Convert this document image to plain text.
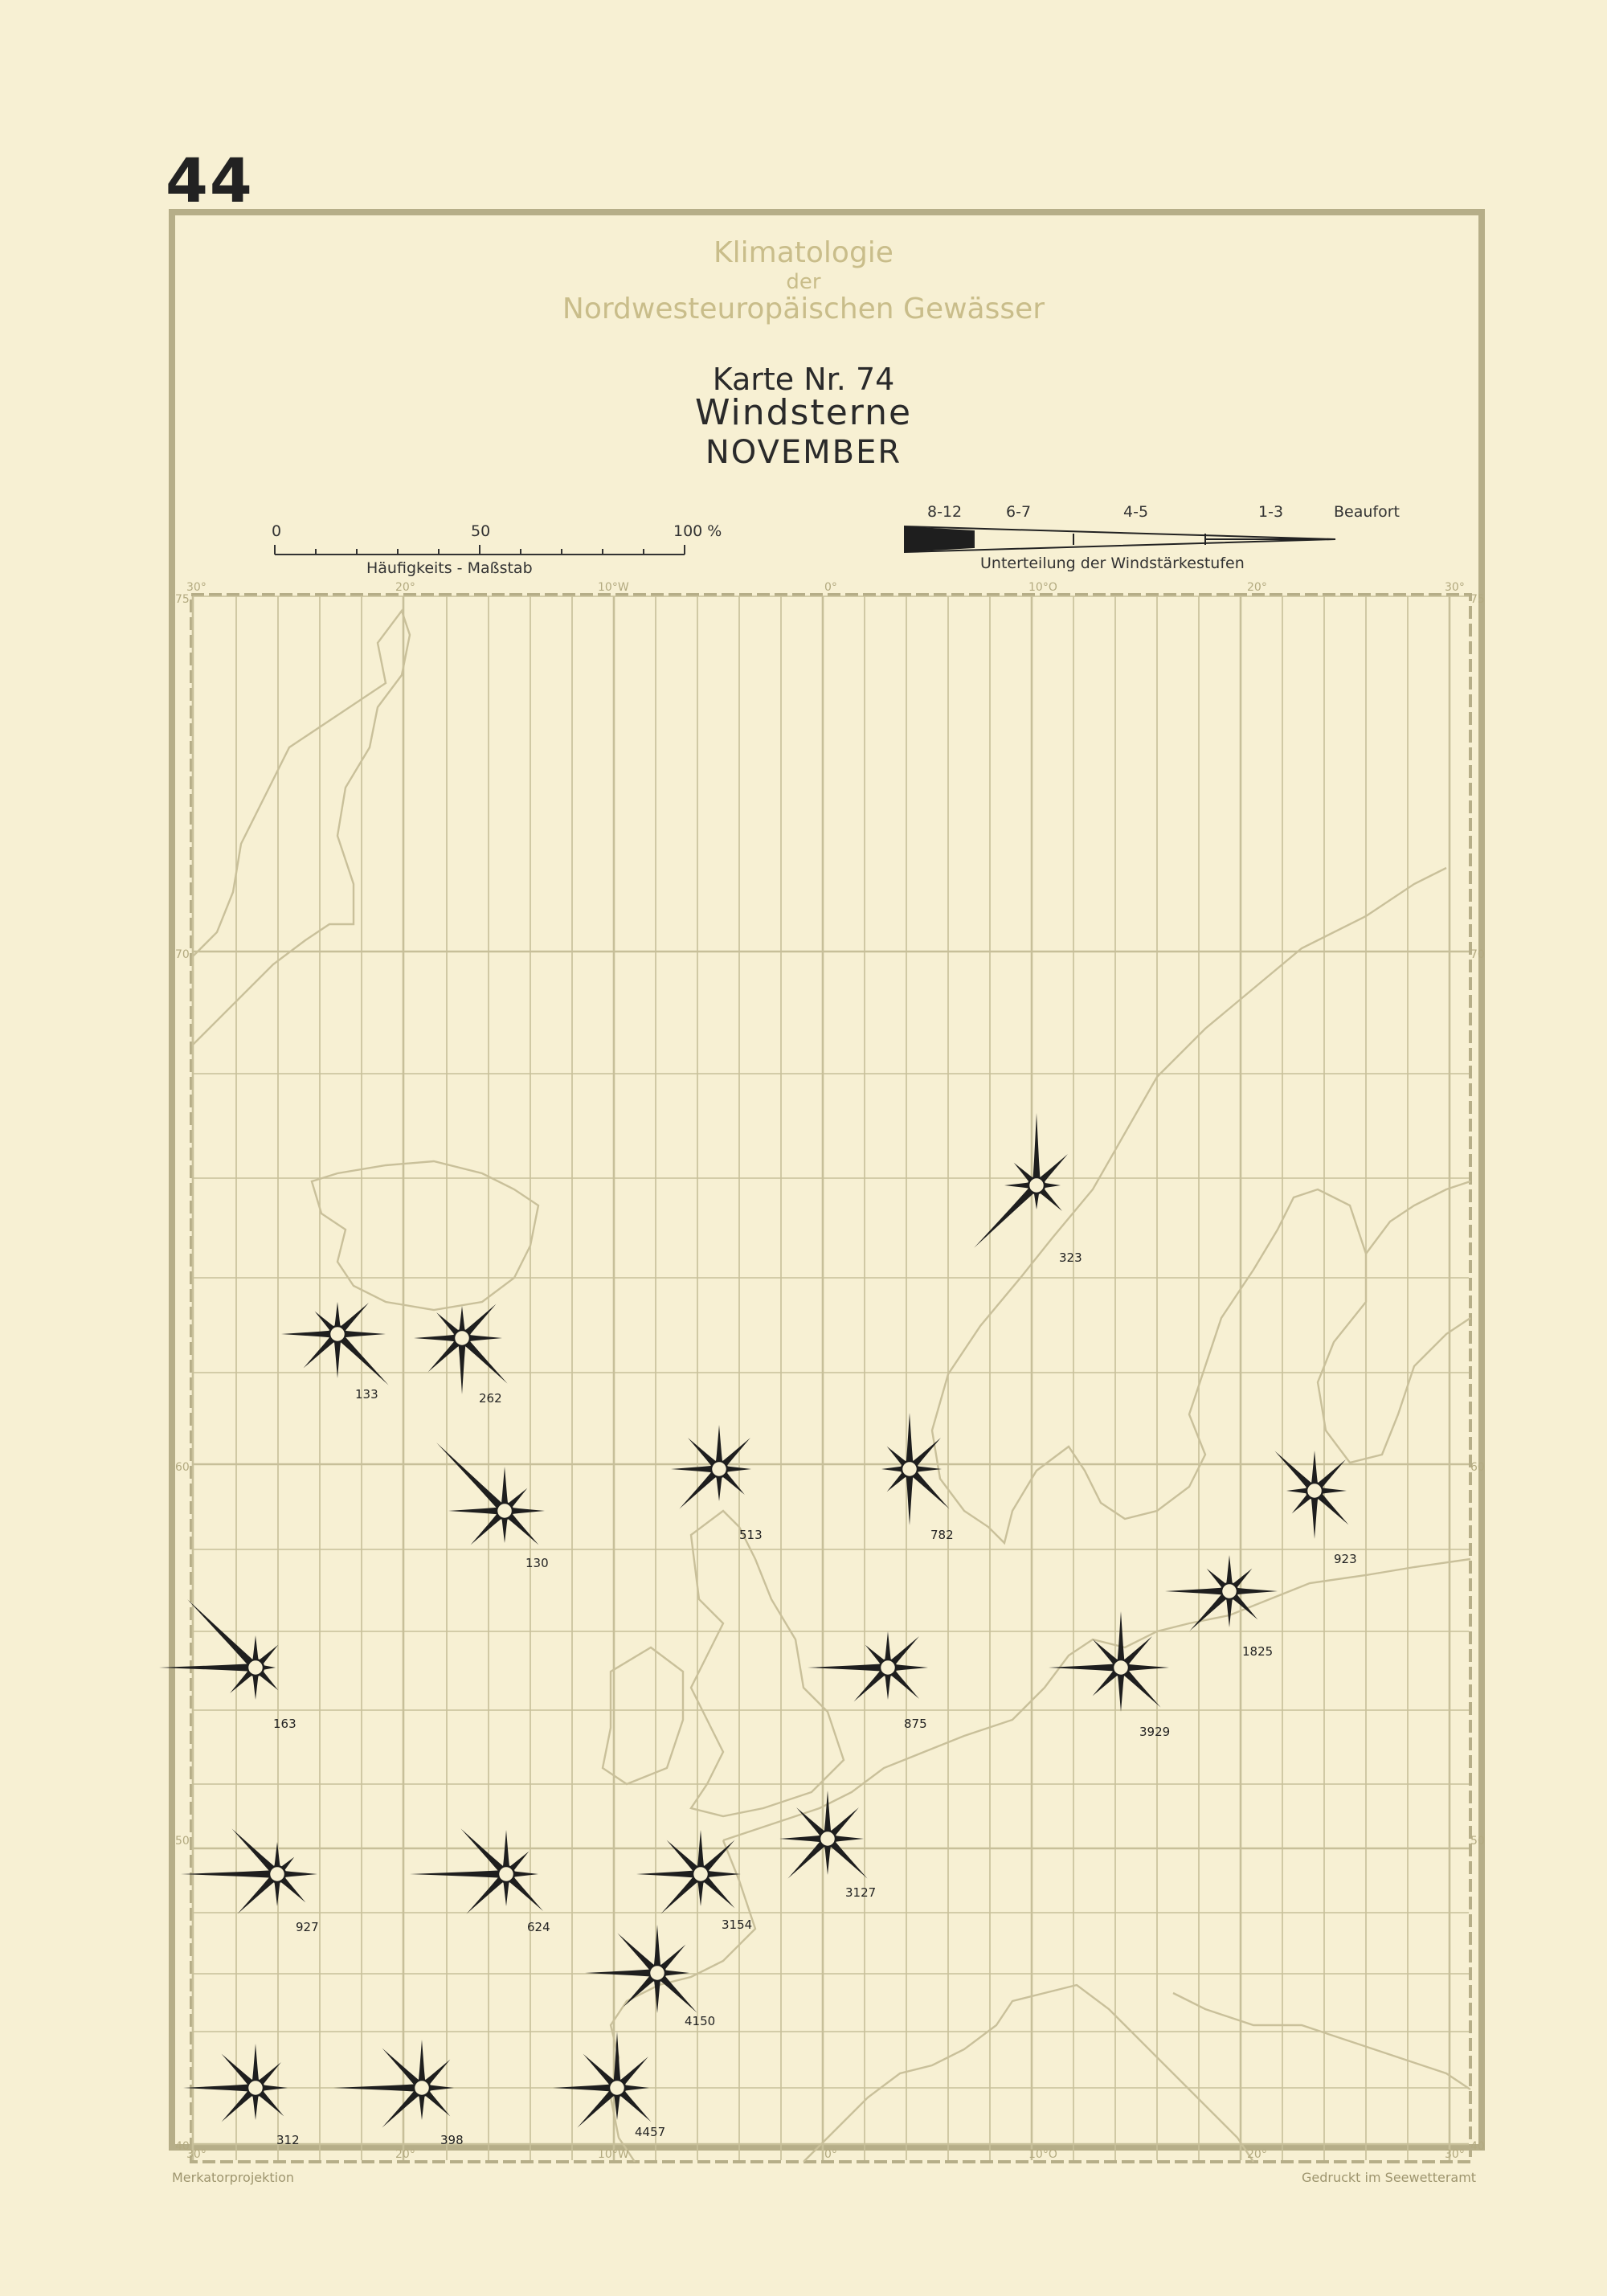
44
Klimatologie
der
Nordwesteuropäischen Gewässer
Karte Nr. 74
Windsterne
NOVEMBER
0	50	100 %
Häufigkeits - Maßstab
8-12	6-7	4-5	1-3	Beaufort
Unterteilung der Windstärkestufen
323
133	262
513	782
923
130
1825
163	875
3929
927	624	3154
3127
4150
312	398
4457
30°	20°	10°W	0°	10°O	20°	30°
30°	20°	10°W	0°	10°O	20°	30°
75
70
60
50
40
75
70
60
50
40
Merkatorprojektion	Gedruckt im Seewetteramt
